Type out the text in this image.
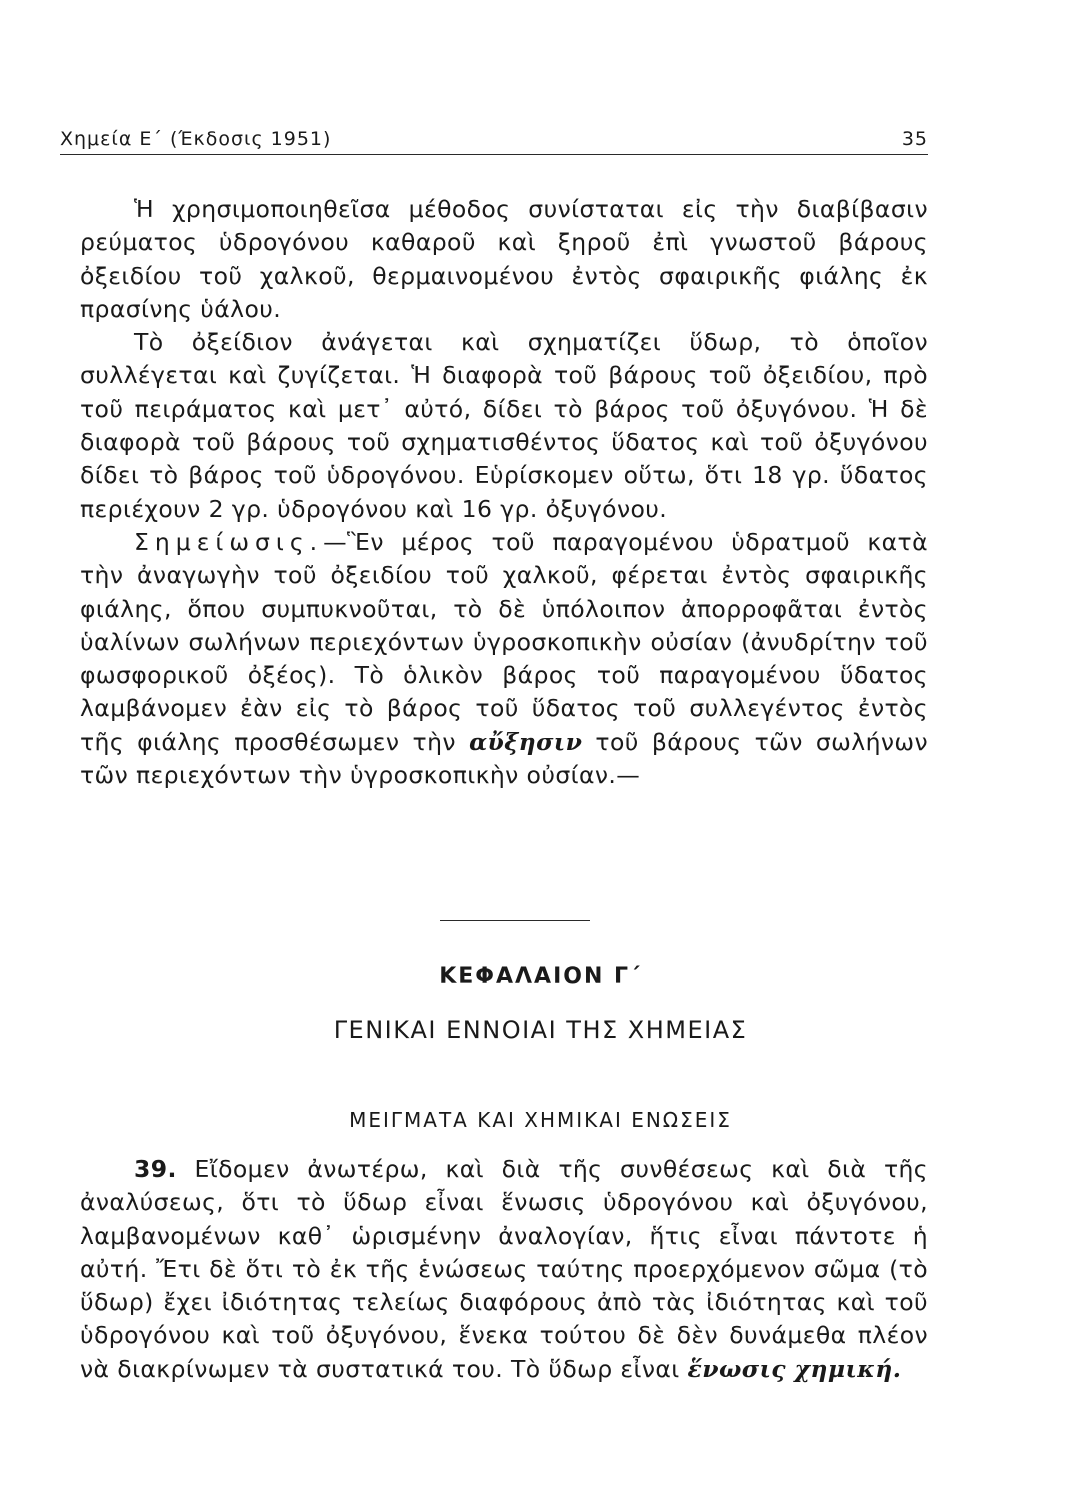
Χημεία Ε΄ (Έκδοσις 1951)	35

Ἡ χρησιμοποιηθεῖσα μέθοδος συνίσταται εἰς τὴν διαβίβασιν ρεύματος ὑδρογόνου καθαροῦ καὶ ξηροῦ ἐπὶ γνωστοῦ βάρους ὀξειδίου τοῦ χαλκοῦ, θερμαινομένου ἐντὸς σφαιρικῆς φιάλης ἐκ πρασίνης ὑάλου.

Τὸ ὀξείδιον ἀνάγεται καὶ σχηματίζει ὕδωρ, τὸ ὁποῖον συλλέγεται καὶ ζυγίζεται. Ἡ διαφορὰ τοῦ βάρους τοῦ ὀξειδίου, πρὸ τοῦ πειράματος καὶ μετ᾽ αὐτό, δίδει τὸ βάρος τοῦ ὀξυγόνου. Ἡ δὲ διαφορὰ τοῦ βάρους τοῦ σχηματισθέντος ὕδατος καὶ τοῦ ὀξυγόνου δίδει τὸ βάρος τοῦ ὑδρογόνου. Εὑρίσκομεν οὕτω, ὅτι 18 γρ. ὕδατος περιέχουν 2 γρ. ὑδρογόνου καὶ 16 γρ. ὀξυγόνου.

Σημείωσις.—Ἓν μέρος τοῦ παραγομένου ὑδρατμοῦ κατὰ τὴν ἀναγωγὴν τοῦ ὀξειδίου τοῦ χαλκοῦ, φέρεται ἐντὸς σφαιρικῆς φιάλης, ὅπου συμπυκνοῦται, τὸ δὲ ὑπόλοιπον ἀπορροφᾶται ἐντὸς ὑαλίνων σωλήνων περιεχόντων ὑγροσκοπικὴν οὐσίαν (ἀνυδρίτην τοῦ φωσφορικοῦ ὀξέος). Τὸ ὁλικὸν βάρος τοῦ παραγομένου ὕδατος λαμβάνομεν ἐὰν εἰς τὸ βάρος τοῦ ὕδατος τοῦ συλλεγέντος ἐντὸς τῆς φιάλης προσθέσωμεν τὴν αὔξησιν τοῦ βάρους τῶν σωλήνων τῶν περιεχόντων τὴν ὑγροσκοπικὴν οὐσίαν.—

ΚΕΦΑΛΑΙΟΝ Γ΄
ΓΕΝΙΚΑΙ ΕΝΝΟΙΑΙ ΤΗΣ ΧΗΜΕΙΑΣ
ΜΕΙΓΜΑΤΑ ΚΑΙ ΧΗΜΙΚΑΙ ΕΝΩΣΕΙΣ

39. Εἴδομεν ἀνωτέρω, καὶ διὰ τῆς συνθέσεως καὶ διὰ τῆς ἀναλύσεως, ὅτι τὸ ὕδωρ εἶναι ἕνωσις ὑδρογόνου καὶ ὀξυγόνου, λαμβανομένων καθ᾽ ὡρισμένην ἀναλογίαν, ἥτις εἶναι πάντοτε ἡ αὐτή. Ἔτι δὲ ὅτι τὸ ἐκ τῆς ἑνώσεως ταύτης προερχόμενον σῶμα (τὸ ὕδωρ) ἔχει ἰδιότητας τελείως διαφόρους ἀπὸ τὰς ἰδιότητας καὶ τοῦ ὑδρογόνου καὶ τοῦ ὀξυγόνου, ἕνεκα τούτου δὲ δὲν δυνάμεθα πλέον νὰ διακρίνωμεν τὰ συστατικά του. Τὸ ὕδωρ εἶναι ἕνωσις χημική.
